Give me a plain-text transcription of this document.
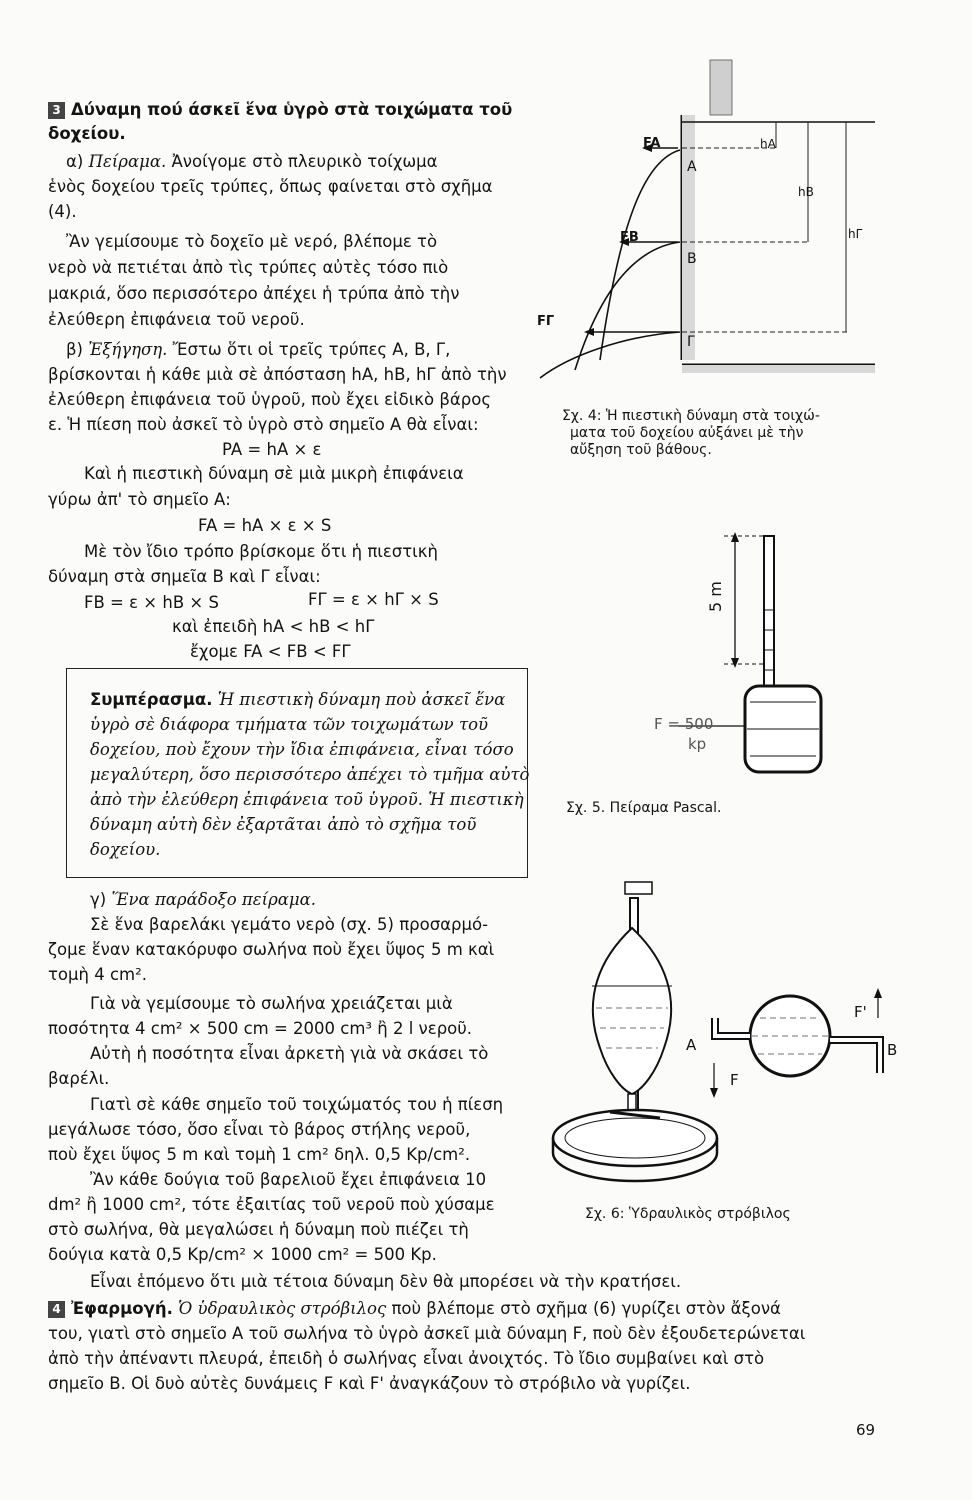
3 Δύναμη πού άσκεῖ ἕνα ὑγρὸ στὰ τοιχώματα τοῦ
δοχείου.
α) Πείραμα. Ἀνοίγομε στὸ πλευρικὸ τοίχωμα
ἑνὸς δοχείου τρεῖς τρύπες, ὅπως φαίνεται στὸ σχῆμα
(4).
Ἂν γεμίσουμε τὸ δοχεῖο μὲ νερό, βλέπομε τὸ
νερὸ νὰ πετιέται ἀπὸ τὶς τρύπες αὐτὲς τόσο πιὸ
μακριά, ὅσο περισσότερο ἀπέχει ἡ τρύπα ἀπὸ τὴν
ἐλεύθερη ἐπιφάνεια τοῦ νεροῦ.
β) Ἐξήγηση. Ἔστω ὅτι οἱ τρεῖς τρύπες Α, Β, Γ,
βρίσκονται ἡ κάθε μιὰ σὲ ἀπόσταση hA, hB, hΓ ἀπὸ τὴν
ἐλεύθερη ἐπιφάνεια τοῦ ὑγροῦ, ποὺ ἔχει εἰδικὸ βάρος
ε. Ἡ πίεση ποὺ ἀσκεῖ τὸ ὑγρὸ στὸ σημεῖο Α θὰ εἶναι:
PA = hA × ε
Καὶ ἡ πιεστικὴ δύναμη σὲ μιὰ μικρὴ ἐπιφάνεια
γύρω ἀπ' τὸ σημεῖο Α:
FA = hA × ε × S
Μὲ τὸν ἴδιο τρόπο βρίσκομε ὅτι ἡ πιεστικὴ
δύναμη στὰ σημεῖα Β καὶ Γ εἶναι:
FB = ε × hB × S	FΓ = ε × hΓ × S
καὶ ἐπειδὴ hA < hB < hΓ
ἔχομε FA < FB < FΓ
Συμπέρασμα. Ἡ πιεστικὴ δύναμη ποὺ ἀσκεῖ ἕνα
ὑγρὸ σὲ διάφορα τμήματα τῶν τοιχωμάτων τοῦ
δοχείου, ποὺ ἔχουν τὴν ἴδια ἐπιφάνεια, εἶναι τόσο
μεγαλύτερη, ὅσο περισσότερο ἀπέχει τὸ τμῆμα αὐτὸ
ἀπὸ τὴν ἐλεύθερη ἐπιφάνεια τοῦ ὑγροῦ. Ἡ πιεστικὴ
δύναμη αὐτὴ δὲν ἐξαρτᾶται ἀπὸ τὸ σχῆμα τοῦ
δοχείου.
γ) Ἕνα παράδοξο πείραμα.
Σὲ ἕνα βαρελάκι γεμάτο νερὸ (σχ. 5) προσαρμό-
ζομε ἕναν κατακόρυφο σωλήνα ποὺ ἔχει ὕψος 5 m καὶ
τομὴ 4 cm².
Γιὰ νὰ γεμίσουμε τὸ σωλήνα χρειάζεται μιὰ
ποσότητα 4 cm² × 500 cm = 2000 cm³ ἢ 2 l νεροῦ.
Αὐτὴ ἡ ποσότητα εἶναι ἀρκετὴ γιὰ νὰ σκάσει τὸ
βαρέλι.
Γιατὶ σὲ κάθε σημεῖο τοῦ τοιχώματός του ἡ πίεση
μεγάλωσε τόσο, ὅσο εἶναι τὸ βάρος στήλης νεροῦ,
ποὺ ἔχει ὕψος 5 m καὶ τομὴ 1 cm² δηλ. 0,5 Kp/cm².
Ἂν κάθε δούγια τοῦ βαρελιοῦ ἔχει ἐπιφάνεια 10
dm² ἢ 1000 cm², τότε ἐξαιτίας τοῦ νεροῦ ποὺ χύσαμε
στὸ σωλήνα, θὰ μεγαλώσει ἡ δύναμη ποὺ πιέζει τὴ
δούγια κατὰ 0,5 Kp/cm² × 1000 cm² = 500 Kp.
Εἶναι ἑπόμενο ὅτι μιὰ τέτοια δύναμη δὲν θὰ μπορέσει νὰ τὴν κρατήσει.
4 Ἐφαρμογή. Ὁ ὑδραυλικὸς στρόβιλος ποὺ βλέπομε στὸ σχῆμα (6) γυρίζει στὸν ἄξονά
του, γιατὶ στὸ σημεῖο Α τοῦ σωλήνα τὸ ὑγρὸ ἀσκεῖ μιὰ δύναμη F, ποὺ δὲν ἐξουδετερώνεται
ἀπὸ τὴν ἀπέναντι πλευρά, ἐπειδὴ ὁ σωλήνας εἶναι ἀνοιχτός. Τὸ ἴδιο συμβαίνει καὶ στὸ
σημεῖο Β. Οἱ δυὸ αὐτὲς δυνάμεις F καὶ F' ἀναγκάζουν τὸ στρόβιλο νὰ γυρίζει.
69
FA
FB
FΓ
A
B
Γ
hA
hB
hΓ
Σχ. 4: Ἡ πιεστικὴ δύναμη στὰ τοιχώ-
ματα τοῦ δοχείου αὐξάνει μὲ τὴν
αὔξηση τοῦ βάθους.
5 m
F = 500
kp
Σχ. 5. Πείραμα Pascal.
A
F
F'
B
Σχ. 6: Ὑδραυλικὸς στρόβιλος
